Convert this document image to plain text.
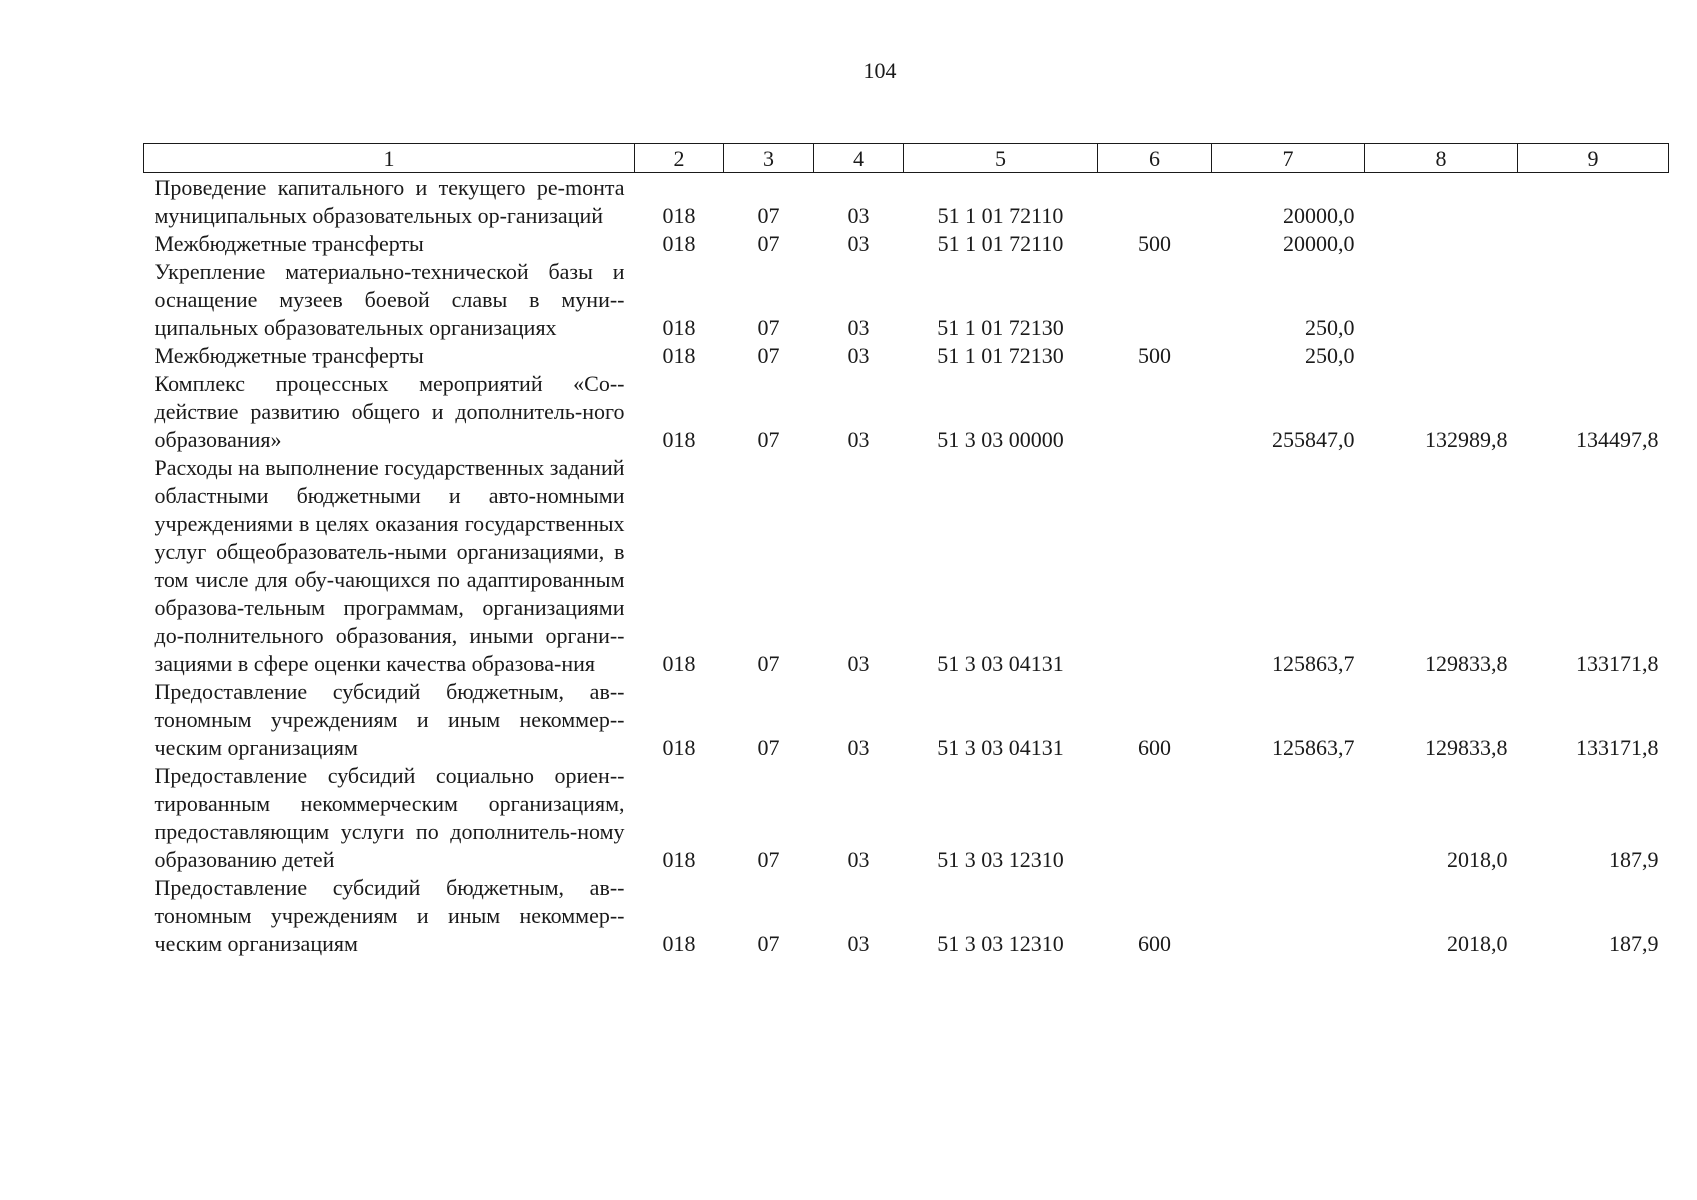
104
1	2	3	4	5	6	7	8	9
Проведение капитального и текущего ре-mонта муниципальных образовательных ор-ганизаций	018	07	03	51 1 01 72110		20000,0		
Межбюджетные трансферты	018	07	03	51 1 01 72110	500	20000,0		
Укрепление материально-технической базы и оснащение музеев боевой славы в муни-ципальных образовательных организациях	018	07	03	51 1 01 72130		250,0		
Межбюджетные трансферты	018	07	03	51 1 01 72130	500	250,0		
Комплекс процессных мероприятий «Со-действие развитию общего и дополнитель-ного образования»	018	07	03	51 3 03 00000		255847,0	132989,8	134497,8
Расходы на выполнение государственных заданий областными бюджетными и авто-номными учреждениями в целях оказания государственных услуг общеобразователь-ными организациями, в том числе для обу-чающихся по адаптированным образова-тельным программам, организациями до-полнительного образования, иными органи-зациями в сфере оценки качества образова-ния	018	07	03	51 3 03 04131		125863,7	129833,8	133171,8
Предоставление субсидий бюджетным, ав-тономным учреждениям и иным некоммер-ческим организациям	018	07	03	51 3 03 04131	600	125863,7	129833,8	133171,8
Предоставление субсидий социально ориен-тированным некоммерческим организациям, предоставляющим услуги по дополнитель-ному образованию детей	018	07	03	51 3 03 12310			2018,0	187,9
Предоставление субсидий бюджетным, ав-тономным учреждениям и иным некоммер-ческим организациям	018	07	03	51 3 03 12310	600		2018,0	187,9
